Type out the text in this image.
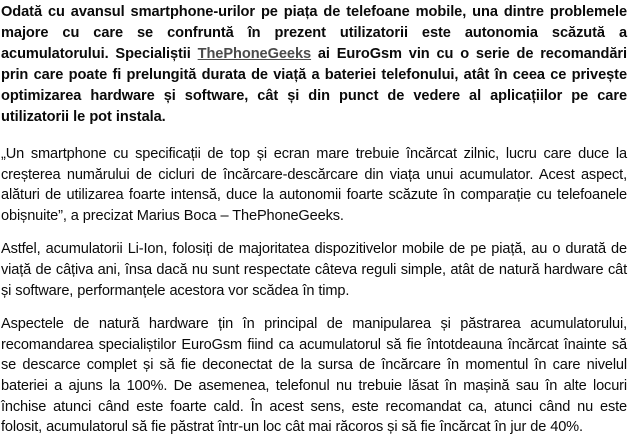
Odată cu avansul smartphone-urilor pe piața de telefoane mobile, una dintre problemele majore cu care se confruntă în prezent utilizatorii este autonomia scăzută a acumulatorului. Specialiștii ThePhoneGeeks ai EuroGsm vin cu o serie de recomandări prin care poate fi prelungită durata de viață a bateriei telefonului, atât în ceea ce privește optimizarea hardware și software, cât și din punct de vedere al aplicațiilor pe care utilizatorii le pot instala.

„Un smartphone cu specificații de top și ecran mare trebuie încărcat zilnic, lucru care duce la creșterea numărului de cicluri de încărcare-descărcare din viața unui acumulator. Acest aspect, alături de utilizarea foarte intensă, duce la autonomii foarte scăzute în comparație cu telefoanele obișnuite”, a precizat Marius Boca – ThePhoneGeeks.

Astfel, acumulatorii Li-Ion, folosiți de majoritatea dispozitivelor mobile de pe piață, au o durată de viață de câțiva ani, însa dacă nu sunt respectate câteva reguli simple, atât de natură hardware cât și software, performanțele acestora vor scădea în timp.

Aspectele de natură hardware țin în principal de manipularea și păstrarea acumulatorului, recomandarea specialiștilor EuroGsm fiind ca acumulatorul să fie întotdeauna încărcat înainte să se descarce complet și să fie deconectat de la sursa de încărcare în momentul în care nivelul bateriei a ajuns la 100%. De asemenea, telefonul nu trebuie lăsat în mașină sau în alte locuri închise atunci când este foarte cald. În acest sens, este recomandat ca, atunci când nu este folosit, acumulatorul să fie păstrat într-un loc cât mai răcoros și să fie încărcat în jur de 40%.
